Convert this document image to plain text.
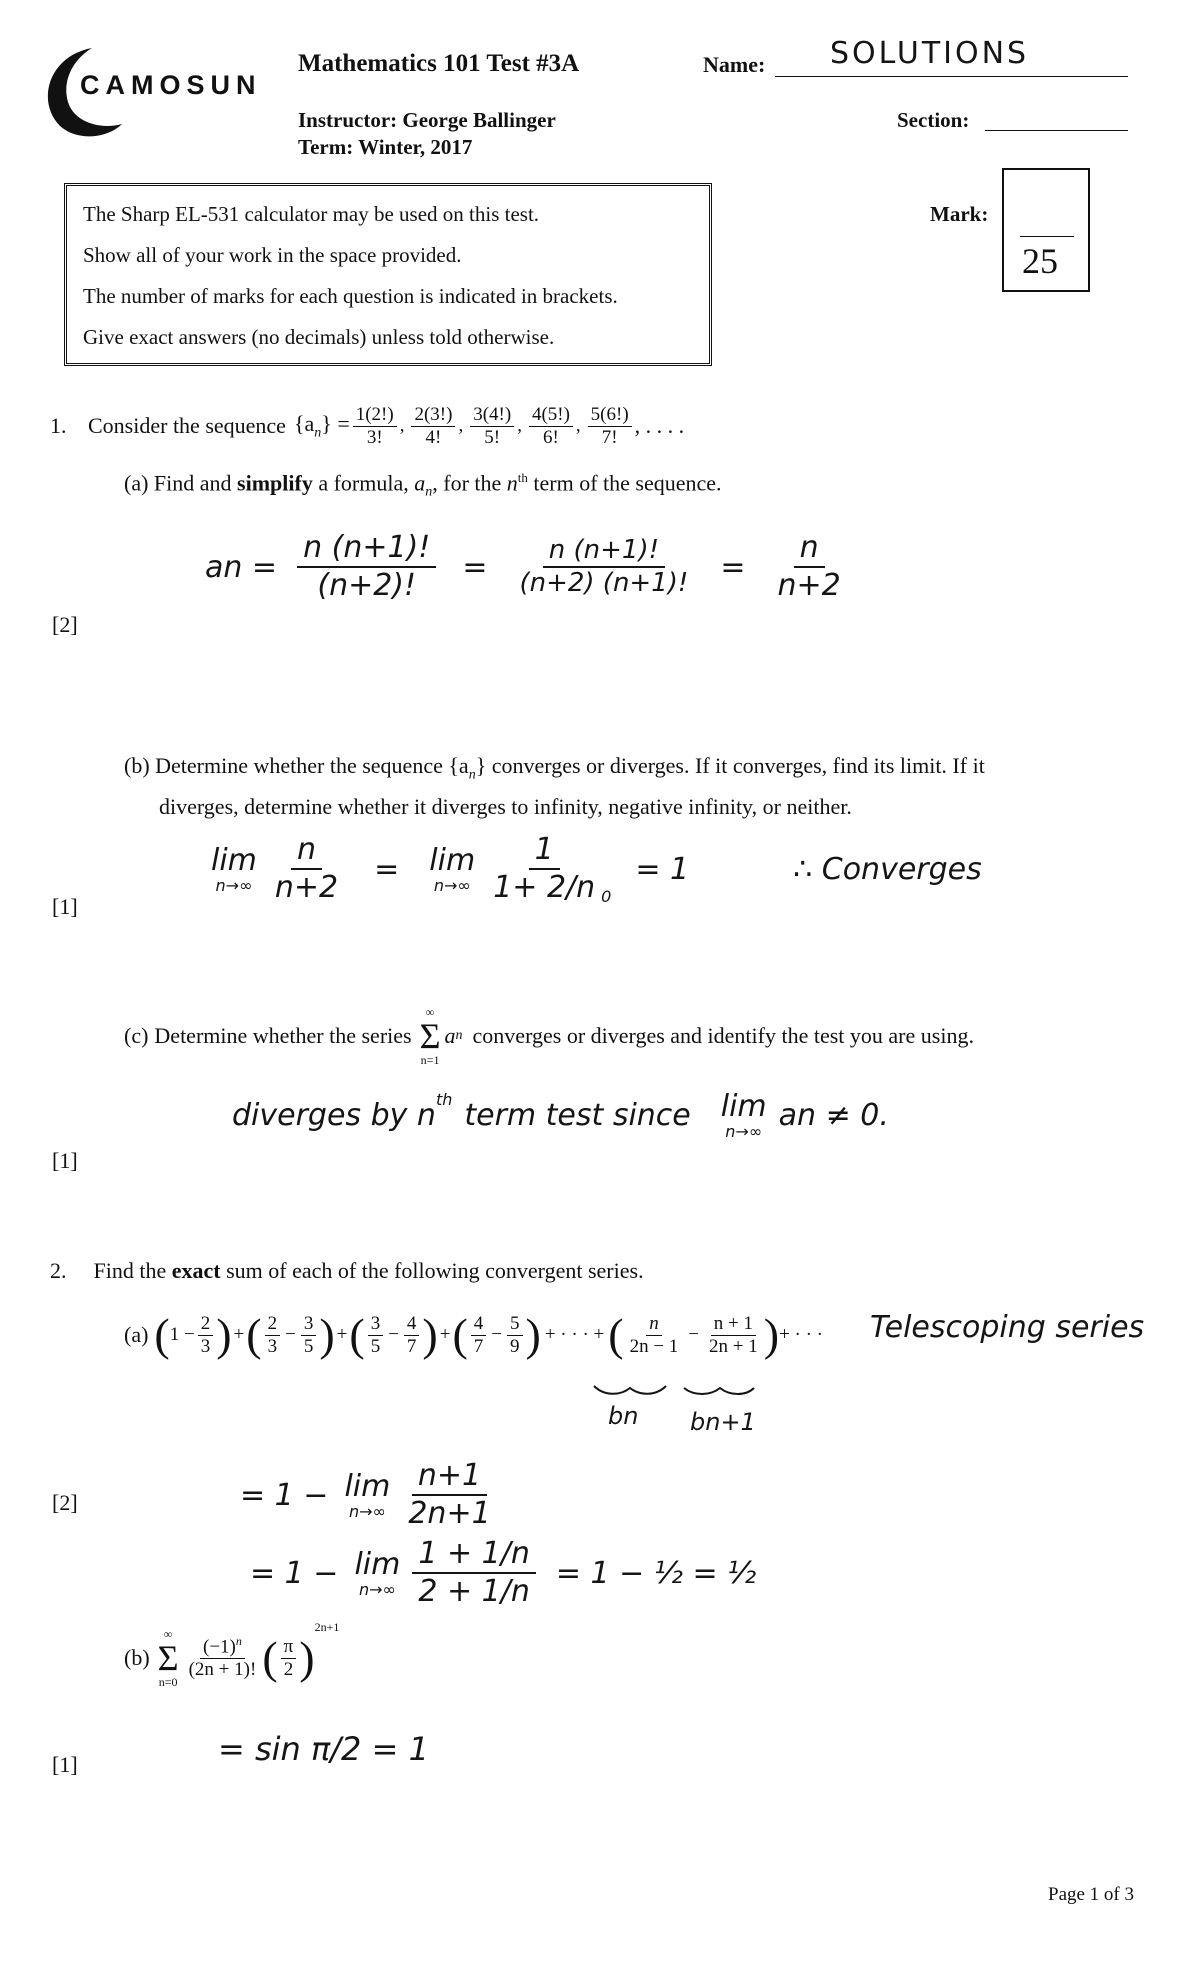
CAMOSUN
Mathematics 101 Test #3A	Name: SOLUTIONS
Instructor: George Ballinger
Term: Winter, 2017
Section:
Mark:
25
The Sharp EL-531 calculator may be used on this test.
Show all of your work in the space provided.
The number of marks for each question is indicated in brackets.
Give exact answers (no decimals) unless told otherwise.
1. Consider the sequence $\{a_n\} = \frac{1(2!)}{3!}$ , $\frac{2(3!)}{4!}$ , $\frac{3(4!)}{5!}$ , $\frac{4(5!)}{6!}$ , $\frac{5(6!)}{7!}$ , . . . .
(a) Find and simplify a formula, $a_n$, for the $n^{th}$ term of the sequence.
[2]
an = $\frac{n (n+1)!}{(n+2)!} = \frac{n (n+1)!}{(n+2) (n+1)!} = \frac{n}{n+2}$
(b) Determine whether the sequence $\{a_n\}$ converges or diverges. If it converges, find its limit. If it
diverges, determine whether it diverges to infinity, negative infinity, or neither.
[1]
lim
$n\to\infty \frac{n}{n+2} = \lim$
$n\to\infty \frac{1}{1+ 2/n} 0$
= 1	∴ Converges
(c) Determine whether the series
∞
Σ
n=1
a n converges or diverges and identify the test you are using.
[1]
diverges by $n^{th}$ term test since lim
n→∞ an ≠ 0.
2. Find the exact sum of each of the following convergent series.
(a) ( $1 - \frac{2}{3}$ ) + ( $\frac{2}{3} - \frac{3}{5}$ ) + ( $\frac{3}{5} - \frac{4}{7}$ ) + ( $\frac{4}{7} - \frac{5}{9}$ ) + · · · + ( $\frac{n}{2n - 1} - \frac{n + 1}{2n + 1}$ ) + · · · Telescoping series
bn bn+1
[2]	= 1 − lim
$n\to\infty \frac{n+1}{2n+1}$
= 1 − lim
$n\to\infty \frac{1 + 1/n}{2 + 1/n} = 1$ − ½ = ½
(b)
∞
Σ
n=0
$\frac{(-1)^n}{(2n + 1)!}$ ( $\frac{\pi}{2}$ )
2n+1
[1]	= sin π/2 = 1
Page 1 of 3
